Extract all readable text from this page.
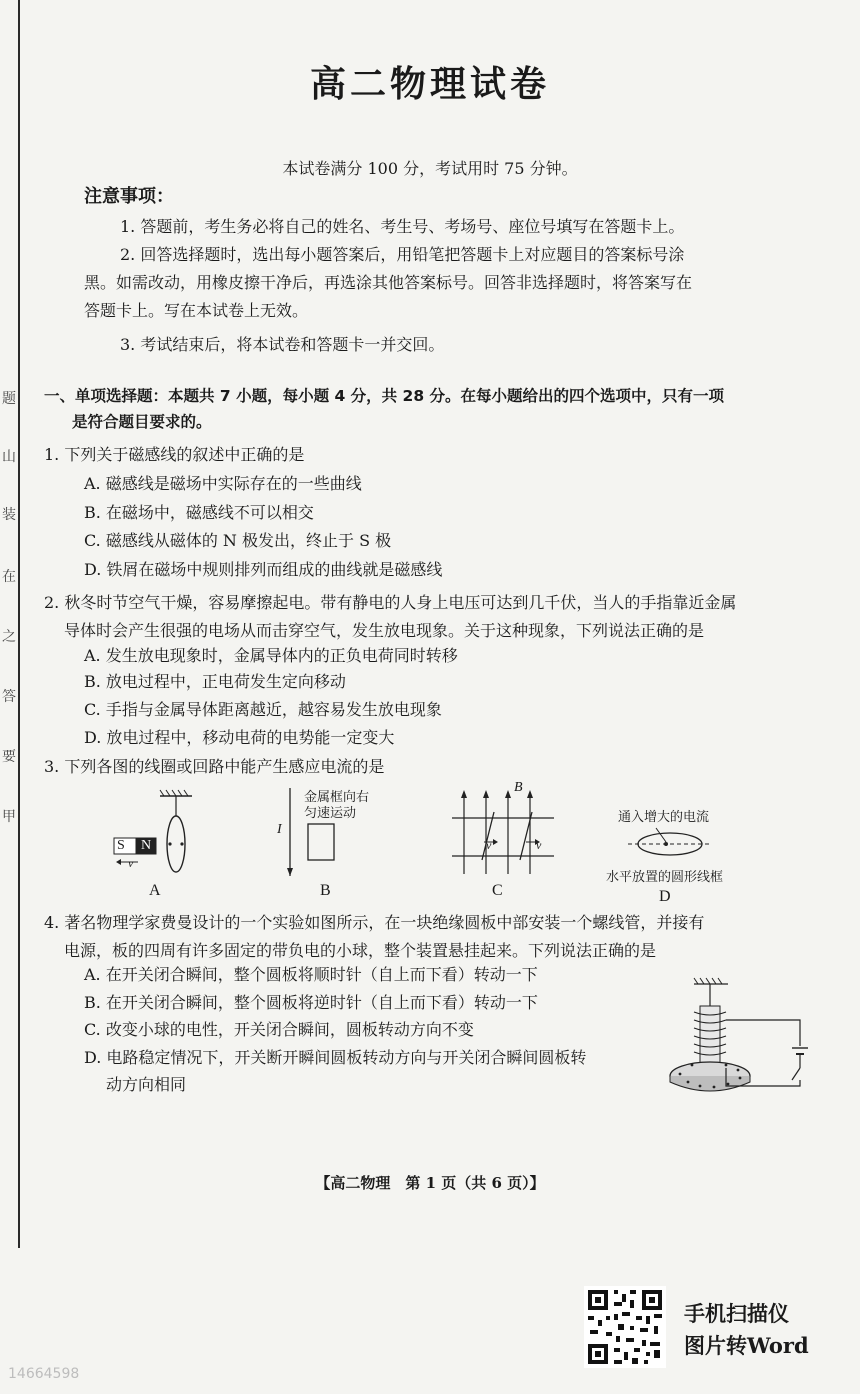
题
山
装
在
之
答
要
甲
高二物理试卷
本试卷满分 100 分，考试用时 75 分钟。
注意事项：
1. 答题前，考生务必将自己的姓名、考生号、考场号、座位号填写在答题卡上。
2. 回答选择题时，选出每小题答案后，用铅笔把答题卡上对应题目的答案标号涂
黑。如需改动，用橡皮擦干净后，再选涂其他答案标号。回答非选择题时，将答案写在
答题卡上。写在本试卷上无效。
3. 考试结束后，将本试卷和答题卡一并交回。
一、单项选择题：本题共 7 小题，每小题 4 分，共 28 分。在每小题给出的四个选项中，只有一项
是符合题目要求的。
1. 下列关于磁感线的叙述中正确的是
A. 磁感线是磁场中实际存在的一些曲线
B. 在磁场中，磁感线不可以相交
C. 磁感线从磁体的 N 极发出，终止于 S 极
D. 铁屑在磁场中规则排列而组成的曲线就是磁感线
2. 秋冬时节空气干燥，容易摩擦起电。带有静电的人身上电压可达到几千伏，当人的手指靠近金属
导体时会产生很强的电场从而击穿空气，发生放电现象。关于这种现象，下列说法正确的是
A. 发生放电现象时，金属导体内的正负电荷同时转移
B. 放电过程中，正电荷发生定向移动
C. 手指与金属导体距离越近，越容易发生放电现象
D. 放电过程中，移动电荷的电势能一定变大
3. 下列各图的线圈或回路中能产生感应电流的是
S N
v
A
金属框向右
匀速运动
I
B
B
v	v
C
通入增大的电流
水平放置的圆形线框
D
4. 著名物理学家费曼设计的一个实验如图所示，在一块绝缘圆板中部安装一个螺线管，并接有
电源，板的四周有许多固定的带负电的小球，整个装置悬挂起来。下列说法正确的是
A. 在开关闭合瞬间，整个圆板将顺时针（自上而下看）转动一下
B. 在开关闭合瞬间，整个圆板将逆时针（自上而下看）转动一下
C. 改变小球的电性，开关闭合瞬间，圆板转动方向不变
D. 电路稳定情况下，开关断开瞬间圆板转动方向与开关闭合瞬间圆板转
动方向相同
【高二物理　第 1 页（共 6 页）】
手机扫描仪
图片转Word
14664598
